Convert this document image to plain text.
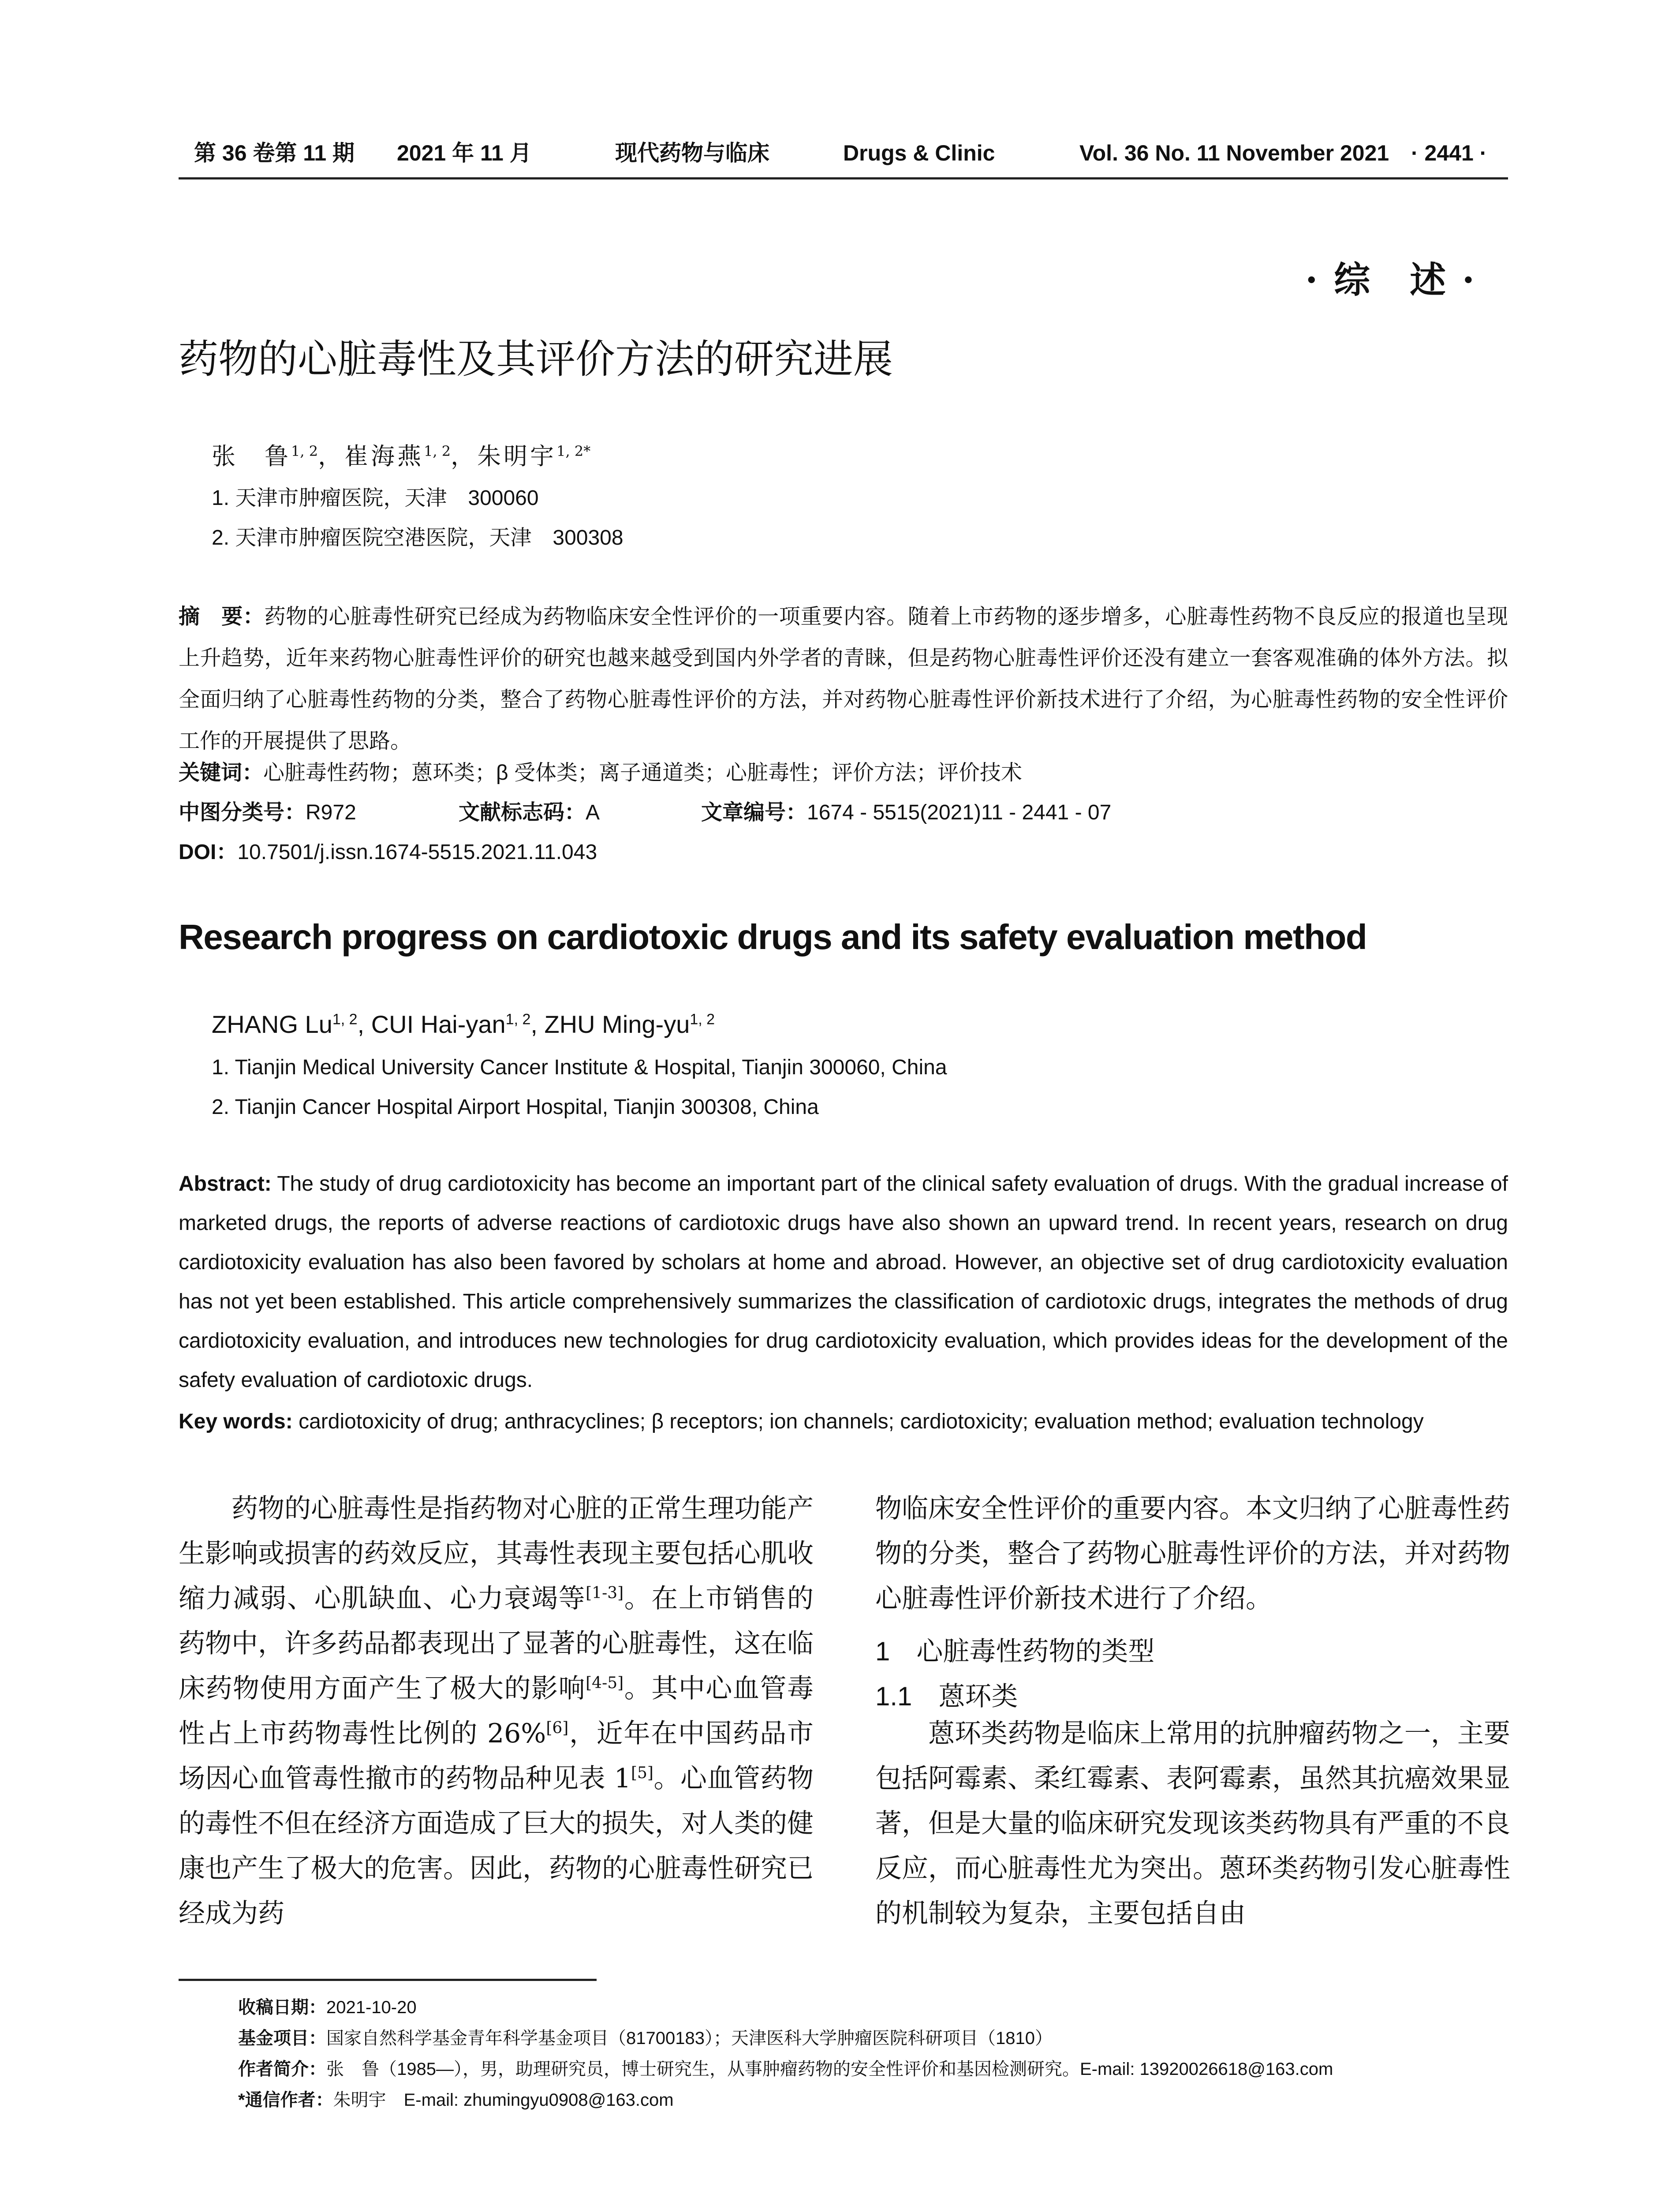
第 36 卷第 11 期 2021 年 11 月	现代药物与临床	Drugs & Clinic	Vol. 36 No. 11 November 2021 · 2441 ·
· 综　述 ·
药物的心脏毒性及其评价方法的研究进展
张　鲁$^{1, 2}$，崔海燕$^{1, 2}$，朱明宇$^{1, 2*}$
1. 天津市肿瘤医院，天津　300060
2. 天津市肿瘤医院空港医院，天津　300308
摘　要：药物的心脏毒性研究已经成为药物临床安全性评价的一项重要内容。随着上市药物的逐步增多，心脏毒性药物不良反应的报道也呈现上升趋势，近年来药物心脏毒性评价的研究也越来越受到国内外学者的青睐，但是药物心脏毒性评价还没有建立一套客观准确的体外方法。拟全面归纳了心脏毒性药物的分类，整合了药物心脏毒性评价的方法，并对药物心脏毒性评价新技术进行了介绍，为心脏毒性药物的安全性评价工作的开展提供了思路。
关键词：心脏毒性药物；蒽环类；β 受体类；离子通道类；心脏毒性；评价方法；评价技术
中图分类号：R972	文献标志码：A	文章编号：1674 - 5515(2021)11 - 2441 - 07
DOI：10.7501/j.issn.1674-5515.2021.11.043
Research progress on cardiotoxic drugs and its safety evaluation method
ZHANG Lu$^{1, 2}$, CUI Hai-yan$^{1, 2}$, ZHU Ming-yu$^{1, 2}$
1. Tianjin Medical University Cancer Institute & Hospital, Tianjin 300060, China
2. Tianjin Cancer Hospital Airport Hospital, Tianjin 300308, China
Abstract: The study of drug cardiotoxicity has become an important part of the clinical safety evaluation of drugs. With the gradual increase of marketed drugs, the reports of adverse reactions of cardiotoxic drugs have also shown an upward trend. In recent years, research on drug cardiotoxicity evaluation has also been favored by scholars at home and abroad. However, an objective set of drug cardiotoxicity evaluation has not yet been established. This article comprehensively summarizes the classification of cardiotoxic drugs, integrates the methods of drug cardiotoxicity evaluation, and introduces new technologies for drug cardiotoxicity evaluation, which provides ideas for the development of the safety evaluation of cardiotoxic drugs.
Key words: cardiotoxicity of drug; anthracyclines; β receptors; ion channels; cardiotoxicity; evaluation method; evaluation technology

药物的心脏毒性是指药物对心脏的正常生理功能产生影响或损害的药效反应，其毒性表现主要包括心肌收缩力减弱、心肌缺血、心力衰竭等[1-3]。在上市销售的药物中，许多药品都表现出了显著的心脏毒性，这在临床药物使用方面产生了极大的影响[4-5]。其中心血管毒性占上市药物毒性比例的 26%[6]，近年在中国药品市场因心血管毒性撤市的药物品种见表 1[5]。心血管药物的毒性不但在经济方面造成了巨大的损失，对人类的健康也产生了极大的危害。因此，药物的心脏毒性研究已经成为药

物临床安全性评价的重要内容。本文归纳了心脏毒性药物的分类，整合了药物心脏毒性评价的方法，并对药物心脏毒性评价新技术进行了介绍。

1　心脏毒性药物的类型
1.1　蒽环类

蒽环类药物是临床上常用的抗肿瘤药物之一，主要包括阿霉素、柔红霉素、表阿霉素，虽然其抗癌效果显著，但是大量的临床研究发现该类药物具有严重的不良反应，而心脏毒性尤为突出。蒽环类药物引发心脏毒性的机制较为复杂，主要包括自由

收稿日期：2021-10-20
基金项目：国家自然科学基金青年科学基金项目（81700183）；天津医科大学肿瘤医院科研项目（1810）
作者简介：张　鲁（1985—），男，助理研究员，博士研究生，从事肿瘤药物的安全性评价和基因检测研究。E-mail: 13920026618@163.com
*通信作者：朱明宇　E-mail: zhumingyu0908@163.com
